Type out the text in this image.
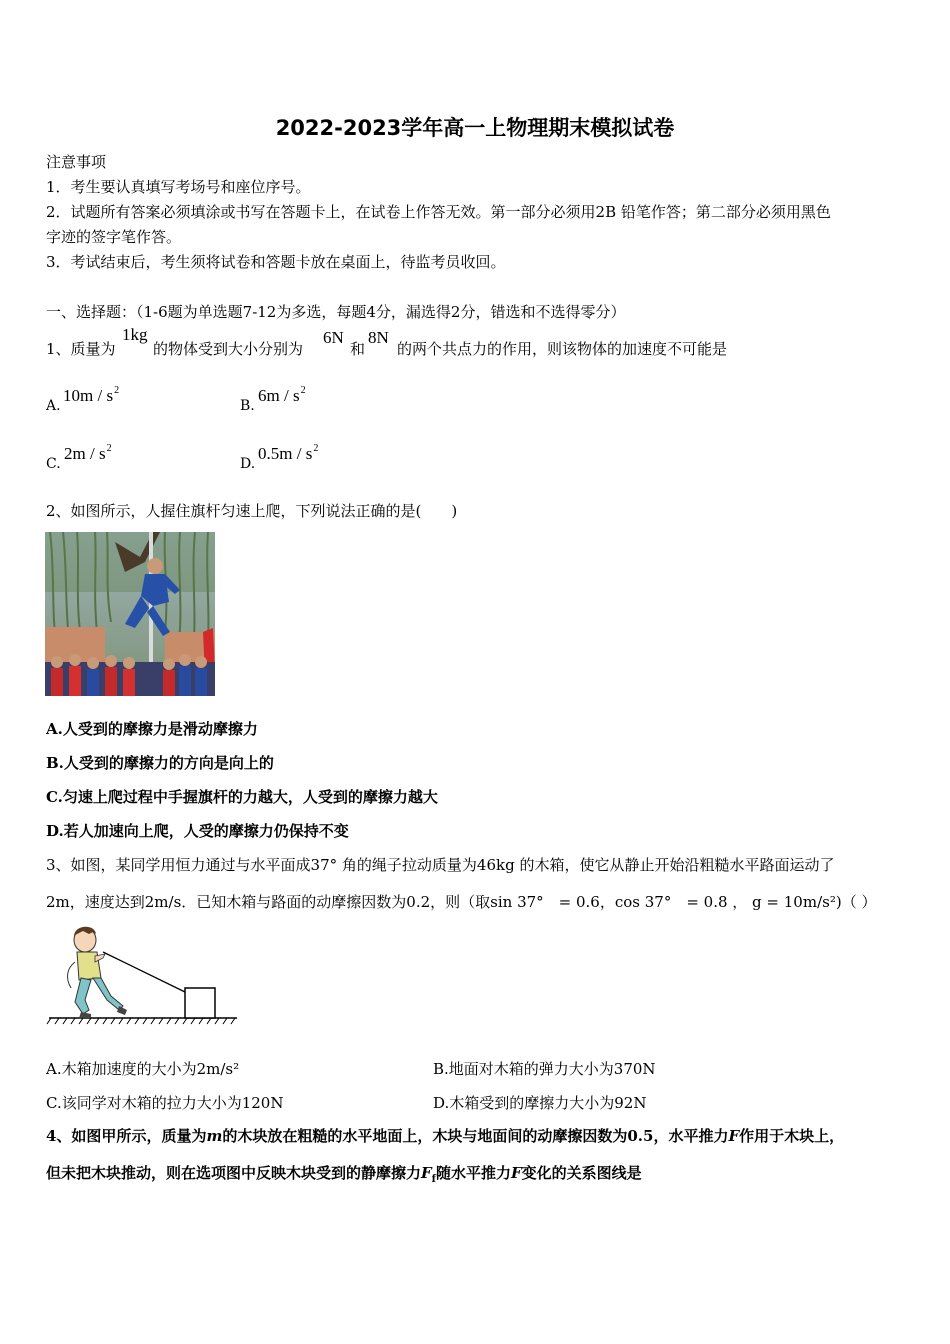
2022-2023学年高一上物理期末模拟试卷
注意事项
1．考生要认真填写考场号和座位序号。
2．试题所有答案必须填涂或书写在答题卡上，在试卷上作答无效。第一部分必须用2B 铅笔作答；第二部分必须用黑色
字迹的签字笔作答。
3．考试结束后，考生须将试卷和答题卡放在桌面上，待监考员收回。
一、选择题：（1-6题为单选题7-12为多选，每题4分，漏选得2分，错选和不选得零分）
1、质量为
1kg
的物体受到大小分别为
6N
和
8N
的两个共点力的作用，则该物体的加速度不可能是
A.
$10m / s^2$
B.
$6m / s^2$
C.
$2m / s^2$
D.
$0.5m / s^2$
2、如图所示，人握住旗杆匀速上爬，下列说法正确的是(　　)
A.人受到的摩擦力是滑动摩擦力
B.人受到的摩擦力的方向是向上的
C.匀速上爬过程中手握旗杆的力越大，人受到的摩擦力越大
D.若人加速向上爬，人受的摩擦力仍保持不变
3、如图，某同学用恒力通过与水平面成37° 角的绳子拉动质量为46kg 的木箱，使它从静止开始沿粗糙水平路面运动了
2m，速度达到2m/s．已知木箱与路面的动摩擦因数为0.2，则（取sin 37°　= 0.6，cos 37°　= 0.8 ， g = 10m/s²)（ ）
A.木箱加速度的大小为2m/s²	B.地面对木箱的弹力大小为370N
C.该同学对木箱的拉力大小为120N	D.木箱受到的摩擦力大小为92N
4、如图甲所示，质量为m的木块放在粗糙的水平地面上，木块与地面间的动摩擦因数为0.5，水平推力F作用于木块上，
但未把木块推动，则在选项图中反映木块受到的静摩擦力$F_f$随水平推力F变化的关系图线是
